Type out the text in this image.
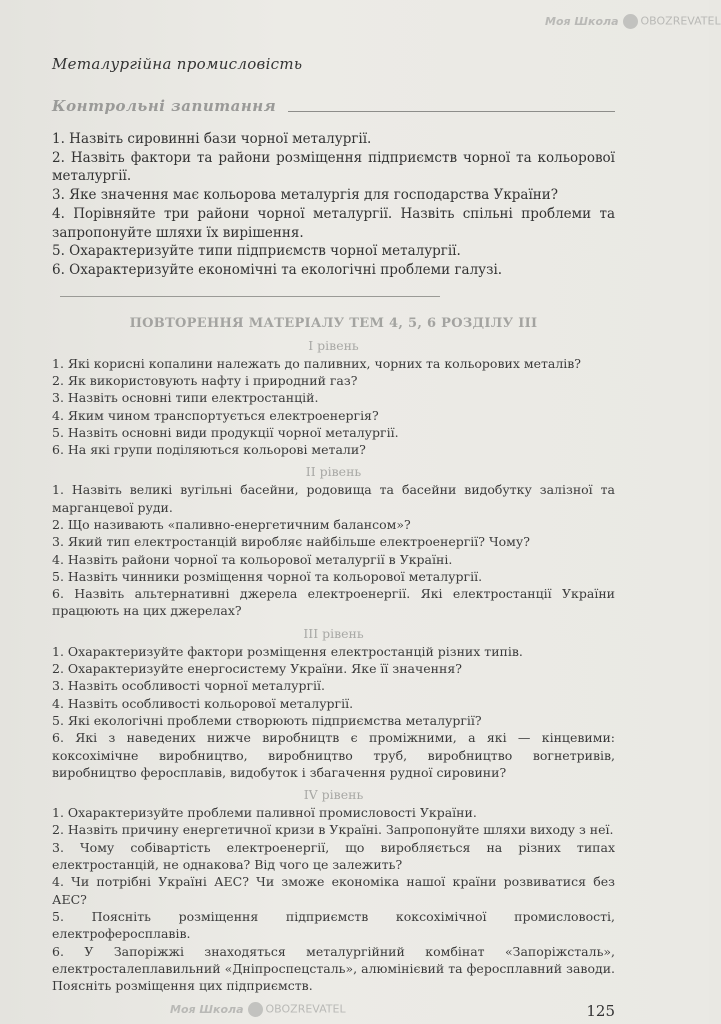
Моя Школа OBOZREVATEL
Металургійна промисловість
Контрольні запитання

1. Назвіть сировинні бази чорної металургії.

2. Назвіть фактори та райони розміщення підприємств чорної та кольорової металургії.

3. Яке значення має кольорова металургія для господарства України?

4. Порівняйте три райони чорної металургії. Назвіть спільні проблеми та запропонуйте шляхи їх вирішення.

5. Охарактеризуйте типи підприємств чорної металургії.

6. Охарактеризуйте економічні та екологічні проблеми галузі.

ПОВТОРЕННЯ МАТЕРІАЛУ ТЕМ 4, 5, 6 РОЗДІЛУ ІІІ
І рівень

1. Які корисні копалини належать до паливних, чорних та кольорових металів?

2. Як використовують нафту і природний газ?

3. Назвіть основні типи електростанцій.

4. Яким чином транспортується електроенергія?

5. Назвіть основні види продукції чорної металургії.

6. На які групи поділяються кольорові метали?

ІІ рівень

1. Назвіть великі вугільні басейни, родовища та басейни видобутку залізної та марганцевої руди.

2. Що називають «паливно-енергетичним балансом»?

3. Який тип електростанцій виробляє найбільше електроенергії? Чому?

4. Назвіть райони чорної та кольорової металургії в Україні.

5. Назвіть чинники розміщення чорної та кольорової металургії.

6. Назвіть альтернативні джерела електроенергії. Які електростанції України працюють на цих джерелах?

ІІІ рівень

1. Охарактеризуйте фактори розміщення електростанцій різних типів.

2. Охарактеризуйте енергосистему України. Яке її значення?

3. Назвіть особливості чорної металургії.

4. Назвіть особливості кольорової металургії.

5. Які екологічні проблеми створюють підприємства металургії?

6. Які з наведених нижче виробництв є проміжними, а які — кінцевими: коксохімічне виробництво, виробництво труб, виробництво вогнетривів, виробництво феросплавів, видобуток і збагачення рудної сировини?

IV рівень

1. Охарактеризуйте проблеми паливної промисловості України.

2. Назвіть причину енергетичної кризи в Україні. Запропонуйте шляхи виходу з неї.

3. Чому собівартість електроенергії, що виробляється на різних типах електростанцій, не однакова? Від чого це залежить?

4. Чи потрібні Україні АЕС? Чи зможе економіка нашої країни розвиватися без АЕС?

5. Поясніть розміщення підприємств коксохімічної промисловості, електроферосплавів.

6. У Запоріжжі знаходяться металургійний комбінат «Запоріжсталь», електросталеплавильний «Дніпроспецсталь», алюмінієвий та феросплавний заводи. Поясніть розміщення цих підприємств.

125
Моя Школа OBOZREVATEL
